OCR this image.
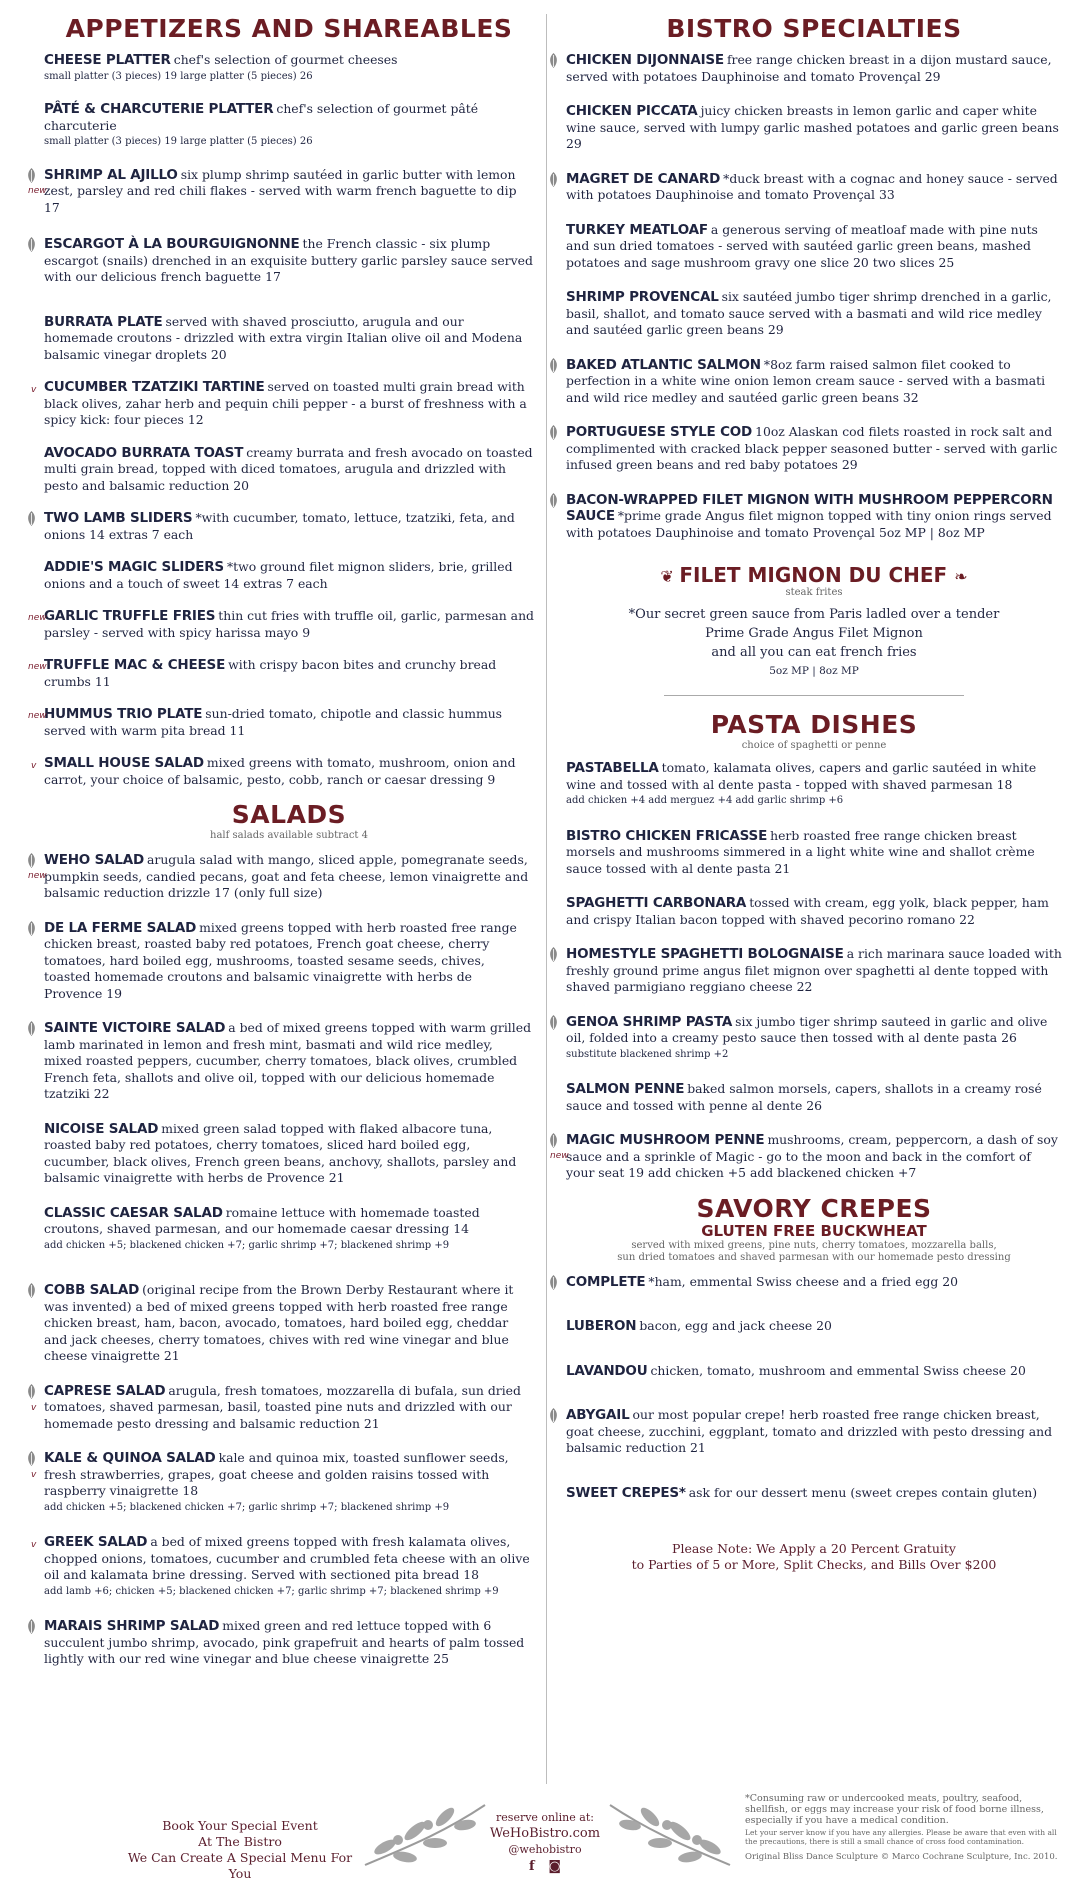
APPETIZERS AND SHAREABLES
CHEESE PLATTER chef's selection of gourmet cheeses
small platter (3 pieces) 19 large platter (5 pieces) 26
PÂTÉ & CHARCUTERIE PLATTER chef's selection of gourmet pâté charcuterie
small platter (3 pieces) 19 large platter (5 pieces) 26
new
SHRIMP AL AJILLO six plump shrimp sautéed in garlic butter with lemon zest, parsley and red chili flakes - served with warm french baguette to dip 17
ESCARGOT À LA BOURGUIGNONNE the French classic - six plump escargot (snails) drenched in an exquisite buttery garlic parsley sauce served with our delicious french baguette 17
BURRATA PLATE served with shaved prosciutto, arugula and our homemade croutons - drizzled with extra virgin Italian olive oil and Modena balsamic vinegar droplets 20
v CUCUMBER TZATZIKI TARTINE served on toasted multi grain bread with black olives, zahar herb and pequin chili pepper - a burst of freshness with a spicy kick: four pieces 12
AVOCADO BURRATA TOAST creamy burrata and fresh avocado on toasted multi grain bread, topped with diced tomatoes, arugula and drizzled with pesto and balsamic reduction 20
TWO LAMB SLIDERS *with cucumber, tomato, lettuce, tzatziki, feta, and onions 14 extras 7 each
ADDIE'S MAGIC SLIDERS *two ground filet mignon sliders, brie, grilled onions and a touch of sweet 14 extras 7 each
new
GARLIC TRUFFLE FRIES thin cut fries with truffle oil, garlic, parmesan and parsley - served with spicy harissa mayo 9
new
TRUFFLE MAC & CHEESE with crispy bacon bites and crunchy bread crumbs 11
new
HUMMUS TRIO PLATE sun-dried tomato, chipotle and classic hummus served with warm pita bread 11
v SMALL HOUSE SALAD mixed greens with tomato, mushroom, onion and carrot, your choice of balsamic, pesto, cobb, ranch or caesar dressing 9
SALADS
half salads available subtract 4
new
WEHO SALAD arugula salad with mango, sliced apple, pomegranate seeds, pumpkin seeds, candied pecans, goat and feta cheese, lemon vinaigrette and balsamic reduction drizzle 17 (only full size)
DE LA FERME SALAD mixed greens topped with herb roasted free range chicken breast, roasted baby red potatoes, French goat cheese, cherry tomatoes, hard boiled egg, mushrooms, toasted sesame seeds, chives, toasted homemade croutons and balsamic vinaigrette with herbs de Provence 19
SAINTE VICTOIRE SALAD a bed of mixed greens topped with warm grilled lamb marinated in lemon and fresh mint, basmati and wild rice medley, mixed roasted peppers, cucumber, cherry tomatoes, black olives, crumbled French feta, shallots and olive oil, topped with our delicious homemade tzatziki 22
NICOISE SALAD mixed green salad topped with flaked albacore tuna, roasted baby red potatoes, cherry tomatoes, sliced hard boiled egg, cucumber, black olives, French green beans, anchovy, shallots, parsley and balsamic vinaigrette with herbs de Provence 21
CLASSIC CAESAR SALAD romaine lettuce with homemade toasted croutons, shaved parmesan, and our homemade caesar dressing 14
add chicken +5; blackened chicken +7; garlic shrimp +7; blackened shrimp +9
COBB SALAD (original recipe from the Brown Derby Restaurant where it was invented) a bed of mixed greens topped with herb roasted free range chicken breast, ham, bacon, avocado, tomatoes, hard boiled egg, cheddar and jack cheeses, cherry tomatoes, chives with red wine vinegar and blue cheese vinaigrette 21
v
CAPRESE SALAD arugula, fresh tomatoes, mozzarella di bufala, sun dried tomatoes, shaved parmesan, basil, toasted pine nuts and drizzled with our homemade pesto dressing and balsamic reduction 21
v
KALE & QUINOA SALAD kale and quinoa mix, toasted sunflower seeds, fresh strawberries, grapes, goat cheese and golden raisins tossed with raspberry vinaigrette 18
add chicken +5; blackened chicken +7; garlic shrimp +7; blackened shrimp +9
v GREEK SALAD a bed of mixed greens topped with fresh kalamata olives, chopped onions, tomatoes, cucumber and crumbled feta cheese with an olive oil and kalamata brine dressing. Served with sectioned pita bread 18
add lamb +6; chicken +5; blackened chicken +7; garlic shrimp +7; blackened shrimp +9
MARAIS SHRIMP SALAD mixed green and red lettuce topped with 6 succulent jumbo shrimp, avocado, pink grapefruit and hearts of palm tossed lightly with our red wine vinegar and blue cheese vinaigrette 25
BISTRO SPECIALTIES
CHICKEN DIJONNAISE free range chicken breast in a dijon mustard sauce, served with potatoes Dauphinoise and tomato Provençal 29
CHICKEN PICCATA juicy chicken breasts in lemon garlic and caper white wine sauce, served with lumpy garlic mashed potatoes and garlic green beans 29
MAGRET DE CANARD *duck breast with a cognac and honey sauce - served with potatoes Dauphinoise and tomato Provençal 33
TURKEY MEATLOAF a generous serving of meatloaf made with pine nuts and sun dried tomatoes - served with sautéed garlic green beans, mashed potatoes and sage mushroom gravy one slice 20 two slices 25
SHRIMP PROVENCAL six sautéed jumbo tiger shrimp drenched in a garlic, basil, shallot, and tomato sauce served with a basmati and wild rice medley and sautéed garlic green beans 29
BAKED ATLANTIC SALMON *8oz farm raised salmon filet cooked to perfection in a white wine onion lemon cream sauce - served with a basmati and wild rice medley and sautéed garlic green beans 32
PORTUGUESE STYLE COD 10oz Alaskan cod filets roasted in rock salt and complimented with cracked black pepper seasoned butter - served with garlic infused green beans and red baby potatoes 29
BACON-WRAPPED FILET MIGNON WITH MUSHROOM PEPPERCORN SAUCE *prime grade Angus filet mignon topped with tiny onion rings served with potatoes Dauphinoise and tomato Provençal 5oz MP | 8oz MP
❦ FILET MIGNON DU CHEF ❧
steak frites
*Our secret green sauce from Paris ladled over a tender
Prime Grade Angus Filet Mignon
and all you can eat french fries
5oz MP | 8oz MP
PASTA DISHES
choice of spaghetti or penne
PASTABELLA tomato, kalamata olives, capers and garlic sautéed in white wine and tossed with al dente pasta - topped with shaved parmesan 18
add chicken +4 add merguez +4 add garlic shrimp +6
BISTRO CHICKEN FRICASSE herb roasted free range chicken breast morsels and mushrooms simmered in a light white wine and shallot crème sauce tossed with al dente pasta 21
SPAGHETTI CARBONARA tossed with cream, egg yolk, black pepper, ham and crispy Italian bacon topped with shaved pecorino romano 22
HOMESTYLE SPAGHETTI BOLOGNAISE a rich marinara sauce loaded with freshly ground prime angus filet mignon over spaghetti al dente topped with shaved parmigiano reggiano cheese 22
GENOA SHRIMP PASTA six jumbo tiger shrimp sauteed in garlic and olive oil, folded into a creamy pesto sauce then tossed with al dente pasta 26
substitute blackened shrimp +2
SALMON PENNE baked salmon morsels, capers, shallots in a creamy rosé sauce and tossed with penne al dente 26
new
MAGIC MUSHROOM PENNE mushrooms, cream, peppercorn, a dash of soy sauce and a sprinkle of Magic - go to the moon and back in the comfort of your seat 19 add chicken +5 add blackened chicken +7
SAVORY CREPES
GLUTEN FREE BUCKWHEAT
served with mixed greens, pine nuts, cherry tomatoes, mozzarella balls,
sun dried tomatoes and shaved parmesan with our homemade pesto dressing
COMPLETE *ham, emmental Swiss cheese and a fried egg 20
LUBERON bacon, egg and jack cheese 20
LAVANDOU chicken, tomato, mushroom and emmental Swiss cheese 20
ABYGAIL our most popular crepe! herb roasted free range chicken breast, goat cheese, zucchini, eggplant, tomato and drizzled with pesto dressing and balsamic reduction 21
SWEET CREPES* ask for our dessert menu (sweet crepes contain gluten)
Please Note: We Apply a 20 Percent Gratuity
to Parties of 5 or More, Split Checks, and Bills Over $200
Book Your Special Event
At The Bistro
We Can Create A Special Menu For You
reserve online at:
WeHoBistro.com
@wehobistro
f ◙
*Consuming raw or undercooked meats, poultry, seafood, shellfish, or eggs may increase your risk of food borne illness, especially if you have a medical condition.
Let your server know if you have any allergies. Please be aware that even with all the precautions, there is still a small chance of cross food contamination.
Original Bliss Dance Sculpture © Marco Cochrane Sculpture, Inc. 2010.
